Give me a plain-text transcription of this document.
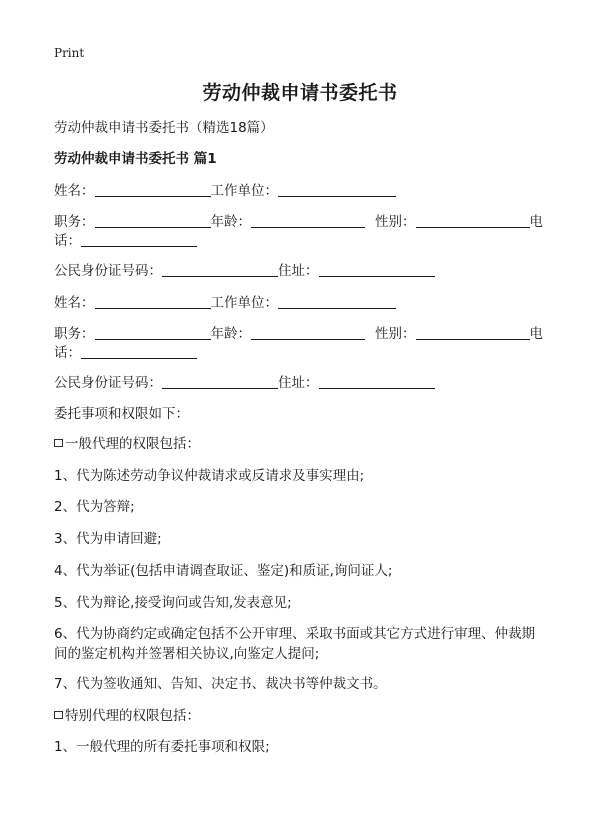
Print
劳动仲裁申请书委托书
劳动仲裁申请书委托书（精选18篇）
劳动仲裁申请书委托书 篇1
姓名：	工作单位：
职务：	年龄：	性别：	电
话：
公民身份证号码：	住址：
姓名：	工作单位：
职务：	年龄：	性别：	电
话：
公民身份证号码：	住址：
委托事项和权限如下：
一般代理的权限包括：
1、代为陈述劳动争议仲裁请求或反请求及事实理由;
2、代为答辩;
3、代为申请回避;
4、代为举证(包括申请调查取证、鉴定)和质证,询问证人;
5、代为辩论,接受询问或告知,发表意见;
6、代为协商约定或确定包括不公开审理、采取书面或其它方式进行审理、仲裁期间的鉴定机构并签署相关协议,向鉴定人提问;
7、代为签收通知、告知、决定书、裁决书等仲裁文书。
特别代理的权限包括：
1、一般代理的所有委托事项和权限;
